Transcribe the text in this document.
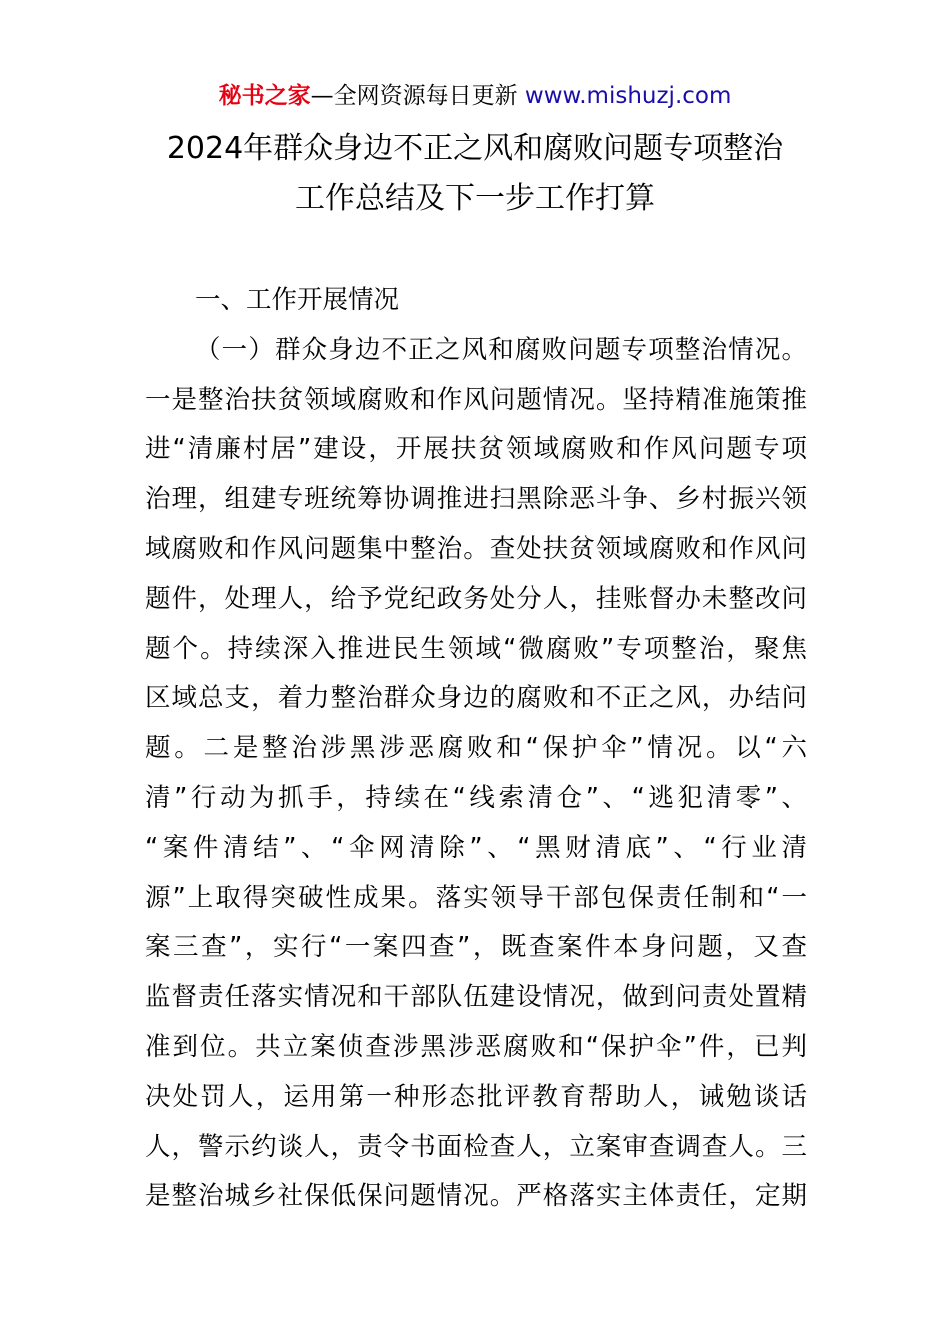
秘书之家—全网资源每日更新 www.mishuzj.com
2024年群众身边不正之风和腐败问题专项整治
工作总结及下一步工作打算
一、工作开展情况
（一）群众身边不正之风和腐败问题专项整治情况。
一是整治扶贫领域腐败和作风问题情况。坚持精准施策推
进“清廉村居”建设，开展扶贫领域腐败和作风问题专项
治理，组建专班统筹协调推进扫黑除恶斗争、乡村振兴领
域腐败和作风问题集中整治。查处扶贫领域腐败和作风问
题件，处理人，给予党纪政务处分人，挂账督办未整改问
题个。持续深入推进民生领域“微腐败”专项整治，聚焦
区域总支，着力整治群众身边的腐败和不正之风，办结问
题。二是整治涉黑涉恶腐败和“保护伞”情况。以“六
清”行动为抓手，持续在“线索清仓”、“逃犯清零”、
“案件清结”、“伞网清除”、“黑财清底”、“行业清
源”上取得突破性成果。落实领导干部包保责任制和“一
案三查”，实行“一案四查”，既查案件本身问题，又查
监督责任落实情况和干部队伍建设情况，做到问责处置精
准到位。共立案侦查涉黑涉恶腐败和“保护伞”件，已判
决处罚人，运用第一种形态批评教育帮助人，诫勉谈话
人，警示约谈人，责令书面检查人，立案审查调查人。三
是整治城乡社保低保问题情况。严格落实主体责任，定期
